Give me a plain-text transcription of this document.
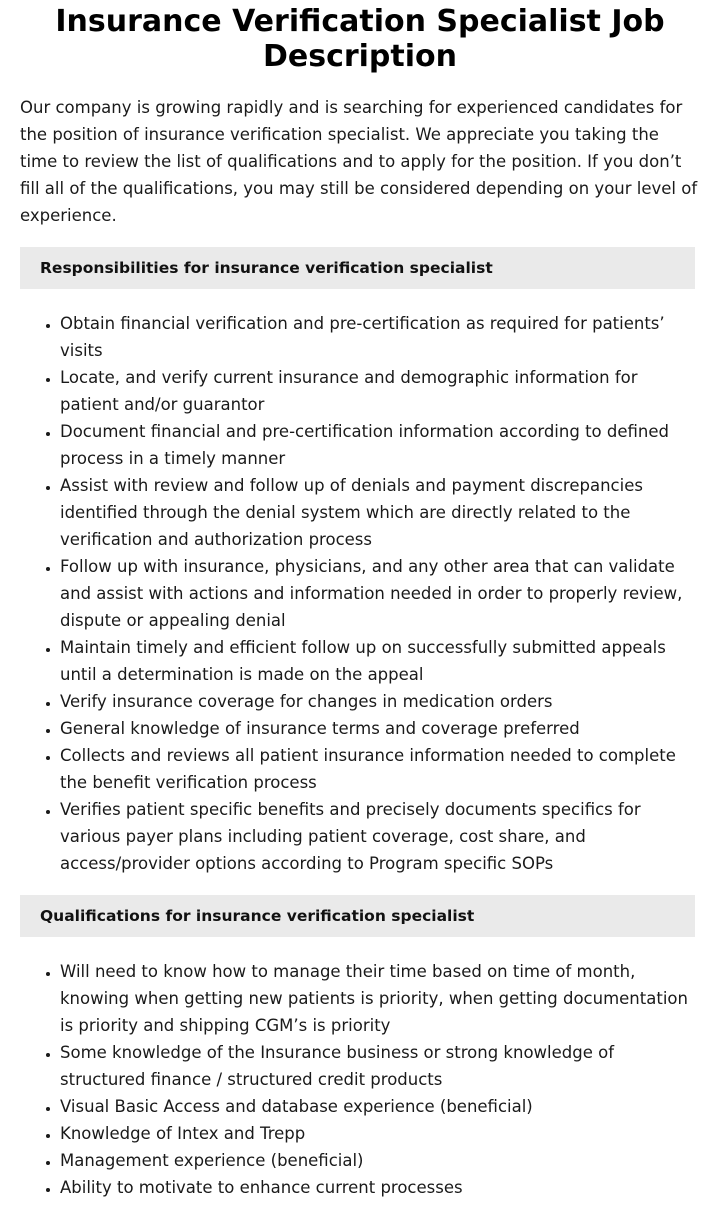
Insurance Verification Specialist Job Description

Our company is growing rapidly and is searching for experienced candidates for the position of insurance verification specialist. We appreciate you taking the time to review the list of qualifications and to apply for the position. If you don’t fill all of the qualifications, you may still be considered depending on your level of experience.

Responsibilities for insurance verification specialist
• Obtain financial verification and pre-certification as required for patients’ visits
• Locate, and verify current insurance and demographic information for patient and/or guarantor
• Document financial and pre-certification information according to defined process in a timely manner
• Assist with review and follow up of denials and payment discrepancies identified through the denial system which are directly related to the verification and authorization process
• Follow up with insurance, physicians, and any other area that can validate and assist with actions and information needed in order to properly review, dispute or appealing denial
• Maintain timely and efficient follow up on successfully submitted appeals until a determination is made on the appeal
• Verify insurance coverage for changes in medication orders
• General knowledge of insurance terms and coverage preferred
• Collects and reviews all patient insurance information needed to complete the benefit verification process
• Verifies patient specific benefits and precisely documents specifics for various payer plans including patient coverage, cost share, and access/provider options according to Program specific SOPs
Qualifications for insurance verification specialist
• Will need to know how to manage their time based on time of month, knowing when getting new patients is priority, when getting documentation is priority and shipping CGM’s is priority
• Some knowledge of the Insurance business or strong knowledge of structured finance / structured credit products
• Visual Basic Access and database experience (beneficial)
• Knowledge of Intex and Trepp
• Management experience (beneficial)
• Ability to motivate to enhance current processes
